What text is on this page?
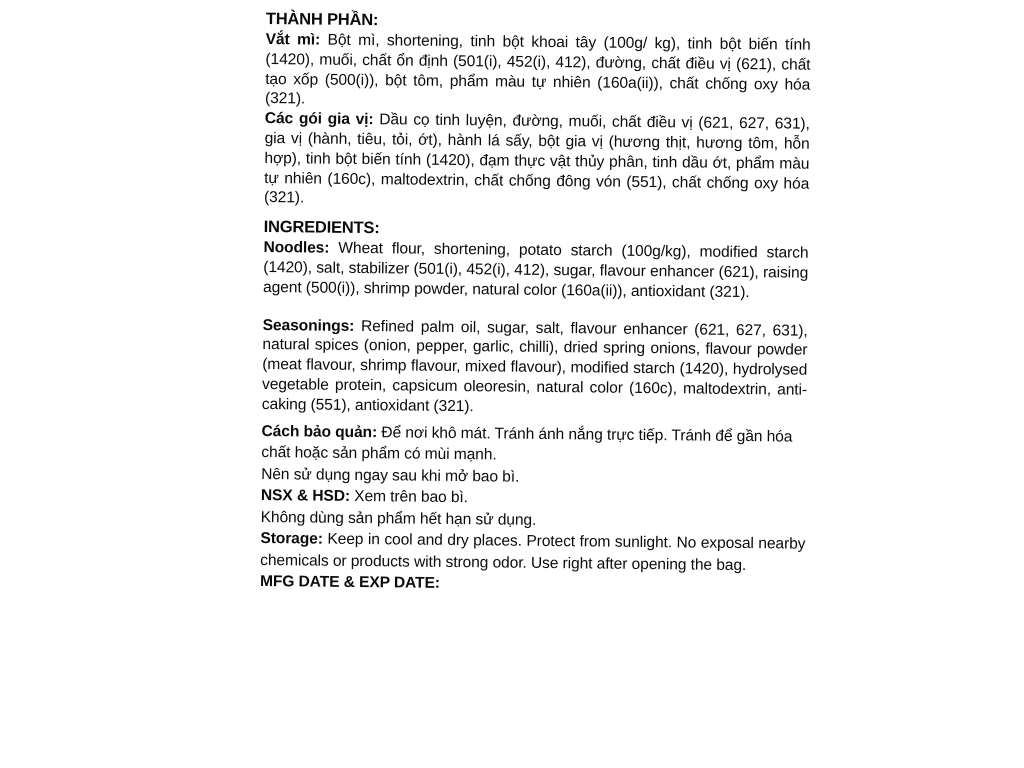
THÀNH PHẦN:

Vắt mì: Bột mì, shortening, tinh bột khoai tây (100g/ kg), tinh bột biến tính (1420), muối, chất ổn định (501(i), 452(i), 412), đường, chất điều vị (621), chất tạo xốp (500(i)), bột tôm, phẩm màu tự nhiên (160a(ii)), chất chống oxy hóa (321).

Các gói gia vị: Dầu cọ tinh luyện, đường, muối, chất điều vị (621, 627, 631), gia vị (hành, tiêu, tỏi, ớt), hành lá sấy, bột gia vị (hương thịt, hương tôm, hỗn hợp), tinh bột biến tính (1420), đạm thực vật thủy phân, tinh dầu ớt, phẩm màu tự nhiên (160c), maltodextrin, chất chống đông vón (551), chất chống oxy hóa (321).

INGREDIENTS:

Noodles: Wheat flour, shortening, potato starch (100g/kg), modified starch (1420), salt, stabilizer (501(i), 452(i), 412), sugar, flavour enhancer (621), raising agent (500(i)), shrimp powder, natural color (160a(ii)), antioxidant (321).

Seasonings: Refined palm oil, sugar, salt, flavour enhancer (621, 627, 631), natural spices (onion, pepper, garlic, chilli), dried spring onions, flavour powder (meat flavour, shrimp flavour, mixed flavour), modified starch (1420), hydrolysed vegetable protein, capsicum oleoresin, natural color (160c), maltodextrin, anti-caking (551), antioxidant (321).

Cách bảo quản: Để nơi khô mát. Tránh ánh nắng trực tiếp. Tránh để gần hóa chất hoặc sản phẩm có mùi mạnh.

Nên sử dụng ngay sau khi mở bao bì.

NSX & HSD: Xem trên bao bì.

Không dùng sản phẩm hết hạn sử dụng.

Storage: Keep in cool and dry places. Protect from sunlight. No exposal nearby chemicals or products with strong odor. Use right after opening the bag.

MFG DATE & EXP DATE:
